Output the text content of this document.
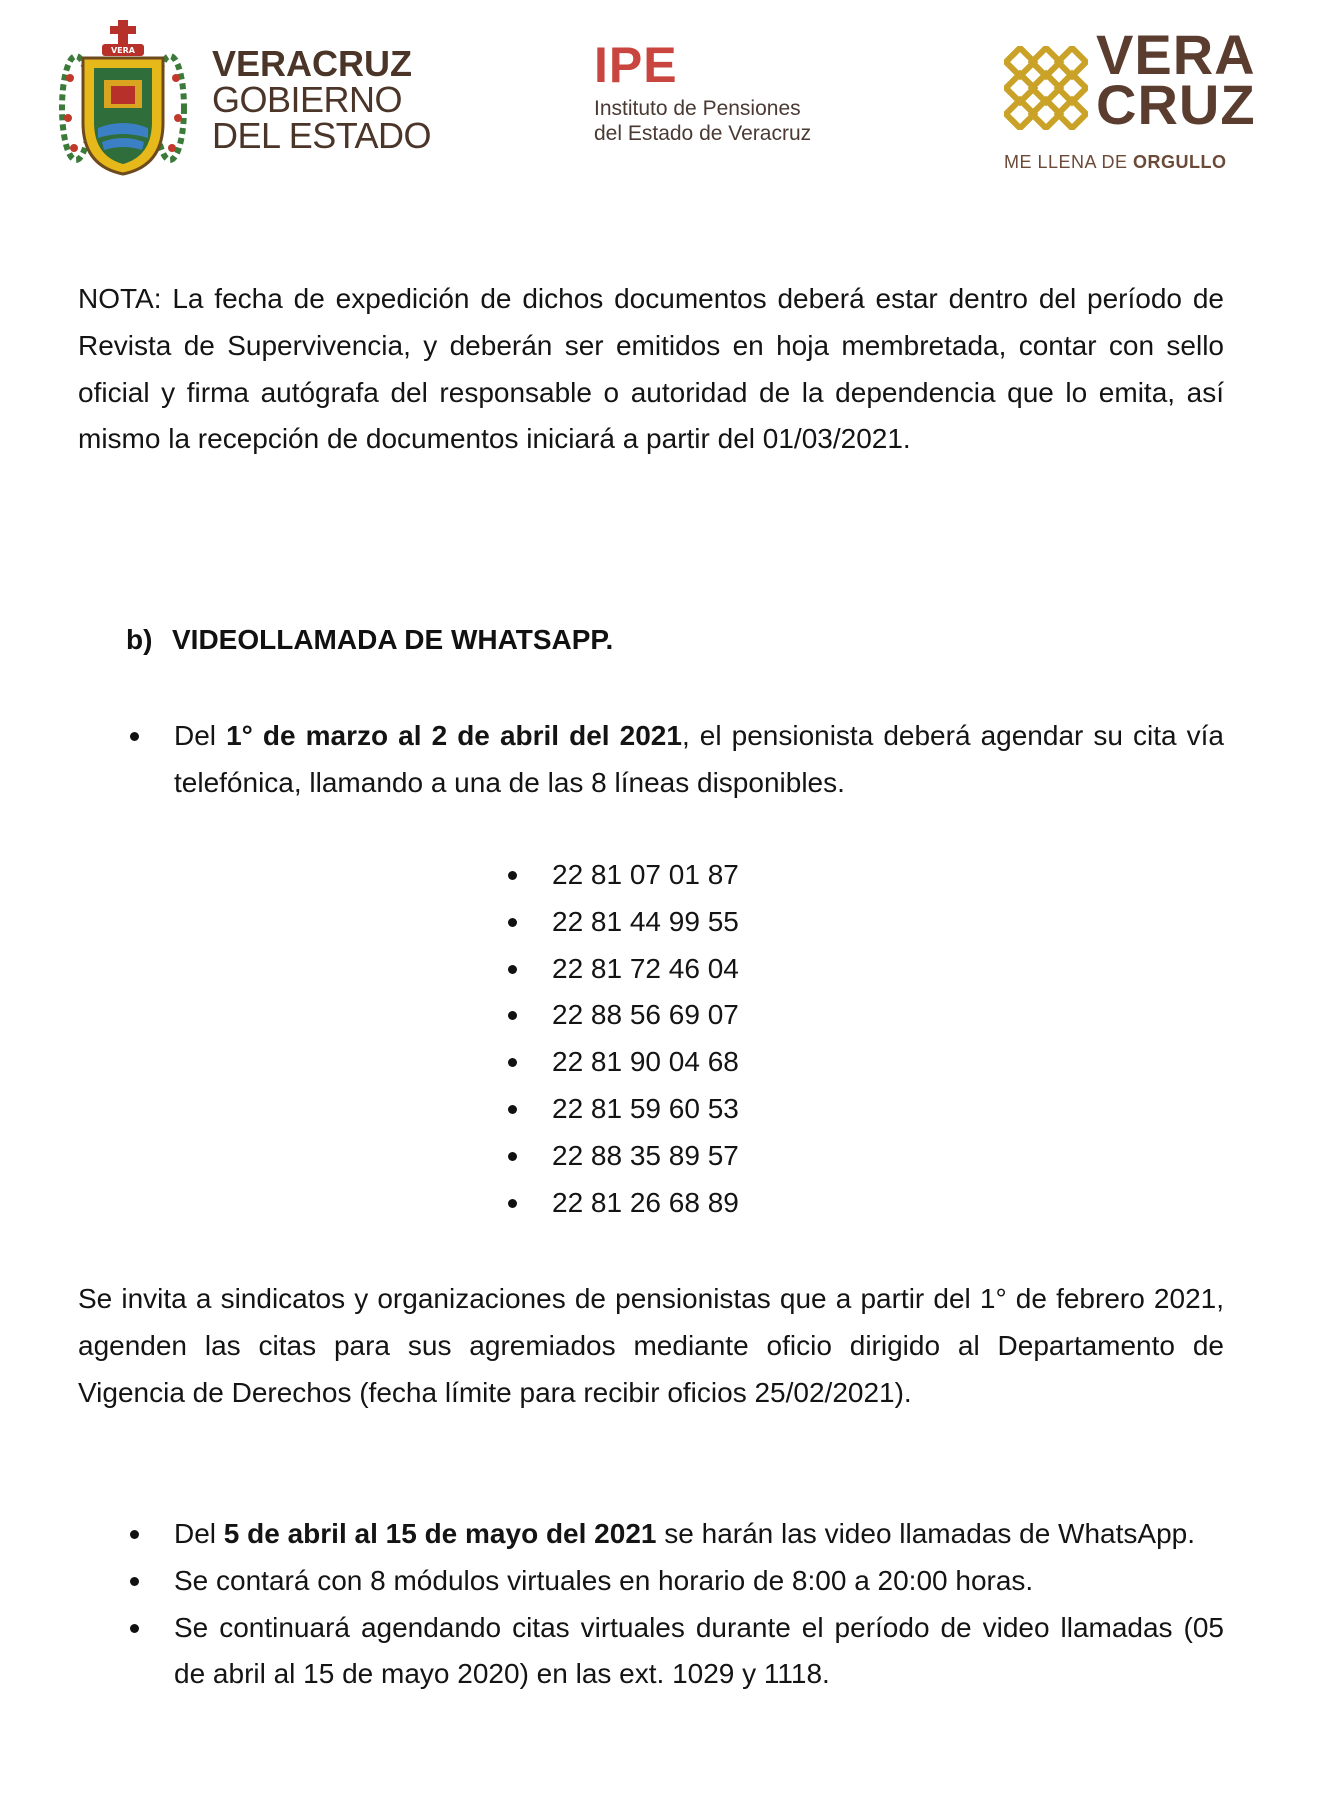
VERA VERACRUZ
GOBIERNO
DEL ESTADO
IPE
Instituto de Pensiones
del Estado de Veracruz
VERA
CRUZ
ME LLENA DE ORGULLO

NOTA: La fecha de expedición de dichos documentos deberá estar dentro del período de Revista de Supervivencia, y deberán ser emitidos en hoja membretada, contar con sello oficial y firma autógrafa del responsable o autoridad de la dependencia que lo emita, así mismo la recepción de documentos iniciará a partir del 01/03/2021.

b) VIDEOLLAMADA DE WHATSAPP.
Del 1° de marzo al 2 de abril del 2021, el pensionista deberá agendar su cita vía telefónica, llamando a una de las 8 líneas disponibles.
22 81 07 01 87
22 81 44 99 55
22 81 72 46 04
22 88 56 69 07
22 81 90 04 68
22 81 59 60 53
22 88 35 89 57
22 81 26 68 89

Se invita a sindicatos y organizaciones de pensionistas que a partir del 1° de febrero 2021, agenden las citas para sus agremiados mediante oficio dirigido al Departamento de Vigencia de Derechos (fecha límite para recibir oficios 25/02/2021).

Del 5 de abril al 15 de mayo del 2021 se harán las video llamadas de WhatsApp.
Se contará con 8 módulos virtuales en horario de 8:00 a 20:00 horas.
Se continuará agendando citas virtuales durante el período de video llamadas (05 de abril al 15 de mayo 2020) en las ext. 1029 y 1118.
